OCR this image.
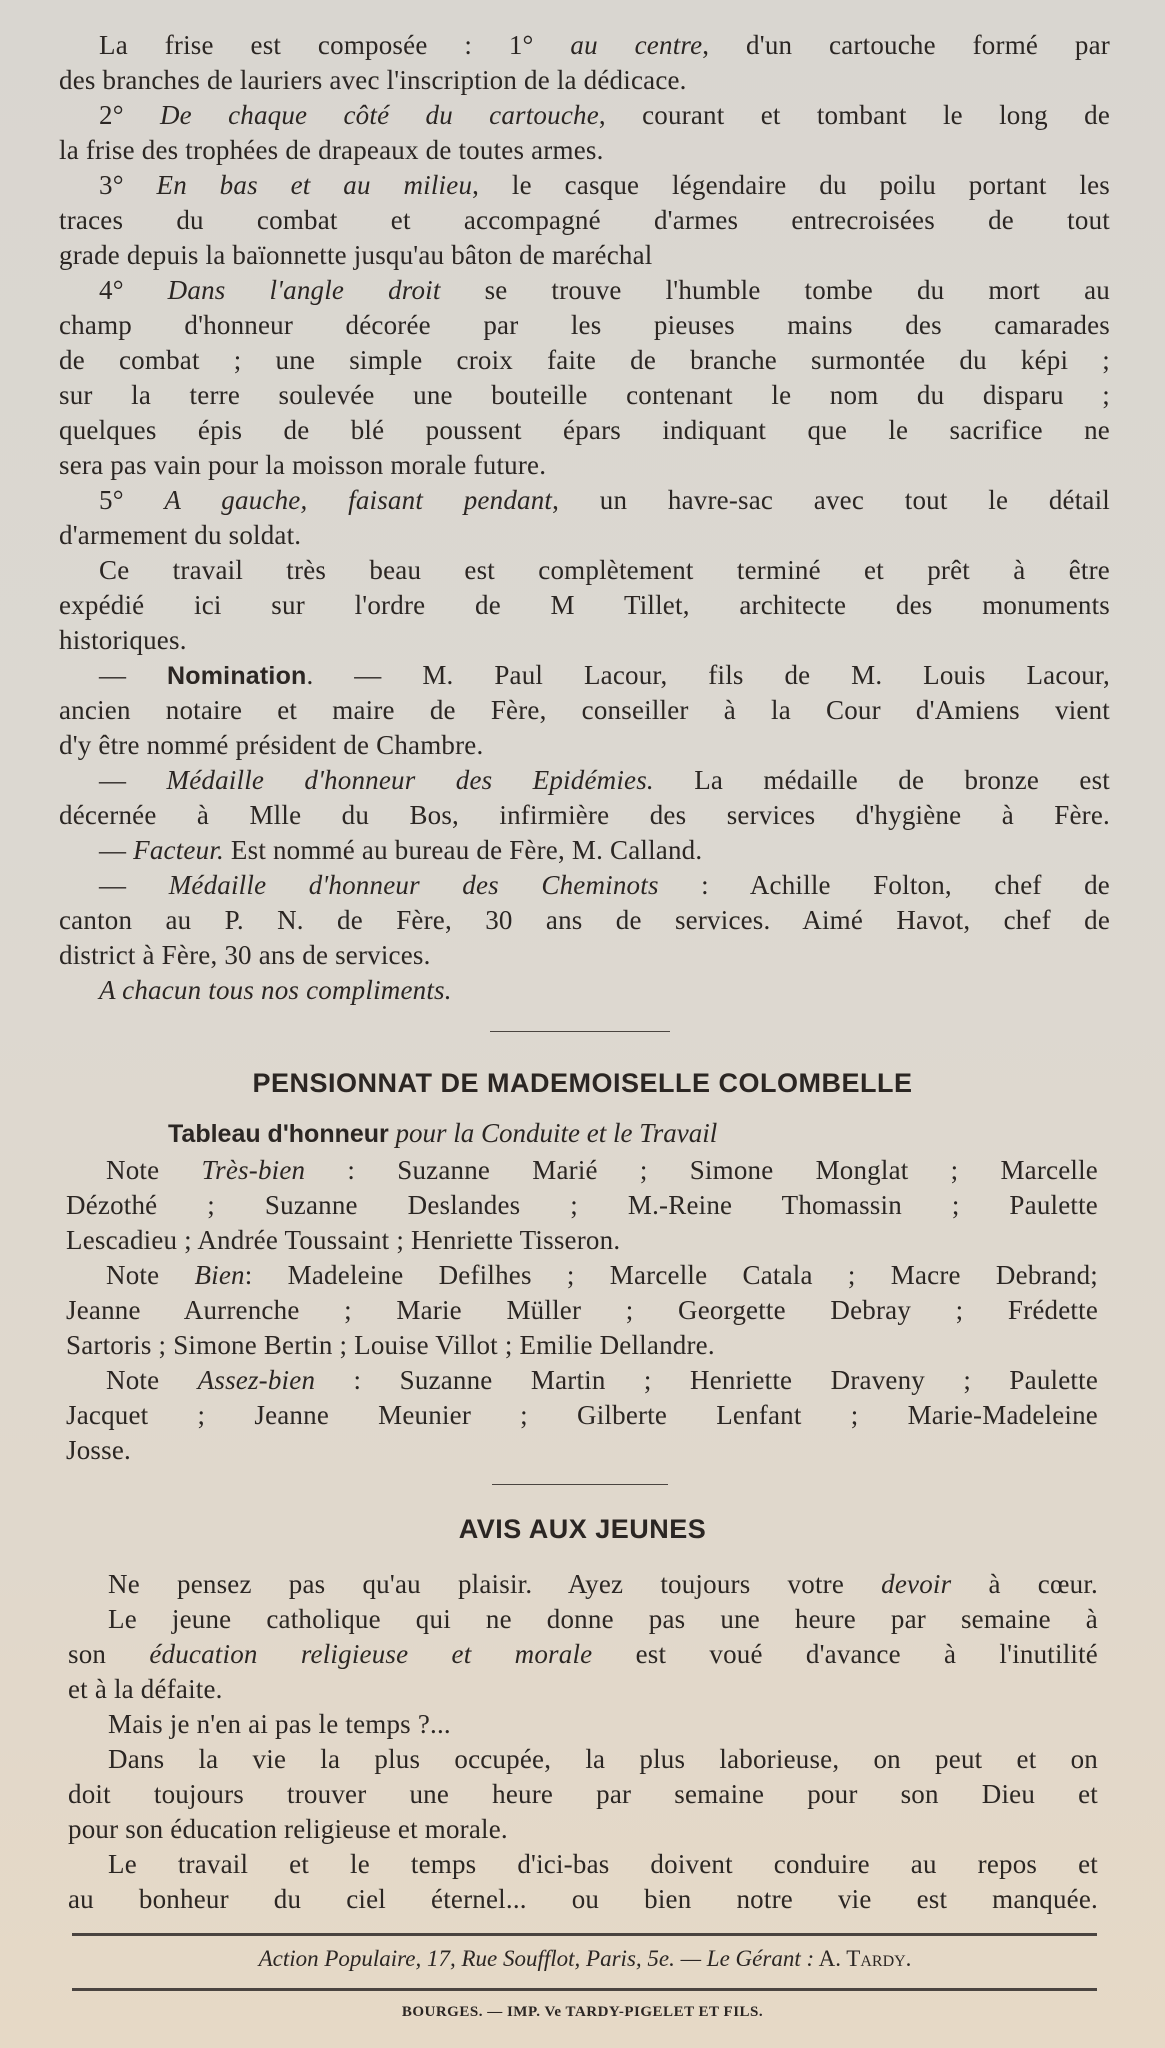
La frise est composée : 1° au centre, d'un cartouche formé par
des branches de lauriers avec l'inscription de la dédicace.
2° De chaque côté du cartouche, courant et tombant le long de
la frise des trophées de drapeaux de toutes armes.
3° En bas et au milieu, le casque légendaire du poilu portant les
traces du combat et accompagné d'armes entrecroisées de tout
grade depuis la baïonnette jusqu'au bâton de maréchal
4° Dans l'angle droit se trouve l'humble tombe du mort au
champ d'honneur décorée par les pieuses mains des camarades
de combat ; une simple croix faite de branche surmontée du képi ;
sur la terre soulevée une bouteille contenant le nom du disparu ;
quelques épis de blé poussent épars indiquant que le sacrifice ne
sera pas vain pour la moisson morale future.
5° A gauche, faisant pendant, un havre-sac avec tout le détail
d'armement du soldat.
Ce travail très beau est complètement terminé et prêt à être
expédié ici sur l'ordre de M Tillet, architecte des monuments
historiques.
— Nomination. — M. Paul Lacour, fils de M. Louis Lacour,
ancien notaire et maire de Fère, conseiller à la Cour d'Amiens vient
d'y être nommé président de Chambre.
— Médaille d'honneur des Epidémies. La médaille de bronze est
décernée à Mlle du Bos, infirmière des services d'hygiène à Fère.
— Facteur. Est nommé au bureau de Fère, M. Calland.
— Médaille d'honneur des Cheminots : Achille Folton, chef de
canton au P. N. de Fère, 30 ans de services. Aimé Havot, chef de
district à Fère, 30 ans de services.
A chacun tous nos compliments.
PENSIONNAT DE MADEMOISELLE COLOMBELLE
Tableau d'honneur pour la Conduite et le Travail
Note Très-bien : Suzanne Marié ; Simone Monglat ; Marcelle
Dézothé ; Suzanne Deslandes ; M.-Reine Thomassin ; Paulette
Lescadieu ; Andrée Toussaint ; Henriette Tisseron.
Note Bien: Madeleine Defilhes ; Marcelle Catala ; Macre Debrand;
Jeanne Aurrenche ; Marie Müller ; Georgette Debray ; Frédette
Sartoris ; Simone Bertin ; Louise Villot ; Emilie Dellandre.
Note Assez-bien : Suzanne Martin ; Henriette Draveny ; Paulette
Jacquet ; Jeanne Meunier ; Gilberte Lenfant ; Marie-Madeleine
Josse.
AVIS AUX JEUNES
Ne pensez pas qu'au plaisir. Ayez toujours votre devoir à cœur.
Le jeune catholique qui ne donne pas une heure par semaine à
son éducation religieuse et morale est voué d'avance à l'inutilité
et à la défaite.
Mais je n'en ai pas le temps ?...
Dans la vie la plus occupée, la plus laborieuse, on peut et on
doit toujours trouver une heure par semaine pour son Dieu et
pour son éducation religieuse et morale.
Le travail et le temps d'ici-bas doivent conduire au repos et
au bonheur du ciel éternel... ou bien notre vie est manquée.
Action Populaire, 17, Rue Soufflot, Paris, 5e. — Le Gérant : A. Tardy.
BOURGES. — IMP. Ve TARDY-PIGELET ET FILS.
